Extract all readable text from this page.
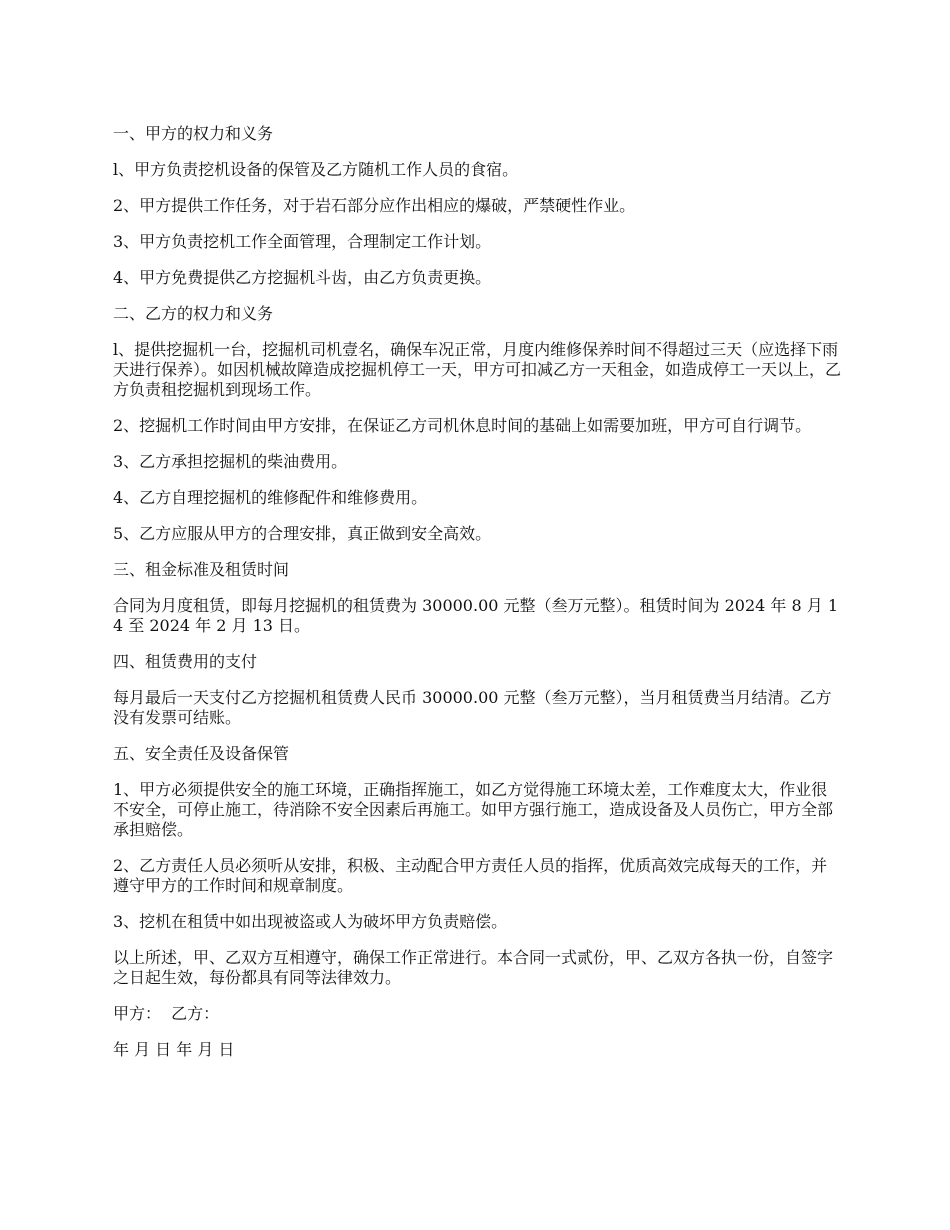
一、甲方的权力和义务

l、甲方负责挖机设备的保管及乙方随机工作人员的食宿。

2、甲方提供工作任务，对于岩石部分应作出相应的爆破，严禁硬性作业。

3、甲方负责挖机工作全面管理，合理制定工作计划。

4、甲方免费提供乙方挖掘机斗齿，由乙方负责更换。

二、乙方的权力和义务

l、提供挖掘机一台，挖掘机司机壹名，确保车况正常，月度内维修保养时间不得超过三天（应选择下雨天进行保养）。如因机械故障造成挖掘机停工一天，甲方可扣减乙方一天租金，如造成停工一天以上，乙方负责租挖掘机到现场工作。

2、挖掘机工作时间由甲方安排，在保证乙方司机休息时间的基础上如需要加班，甲方可自行调节。

3、乙方承担挖掘机的柴油费用。

4、乙方自理挖掘机的维修配件和维修费用。

5、乙方应服从甲方的合理安排，真正做到安全高效。

三、租金标准及租赁时间

合同为月度租赁，即每月挖掘机的租赁费为 30000.00 元整（叁万元整）。租赁时间为 2024 年 8 月 14 至 2024 年 2 月 13 日。

四、租赁费用的支付

每月最后一天支付乙方挖掘机租赁费人民币 30000.00 元整（叁万元整），当月租赁费当月结清。乙方没有发票可结账。

五、安全责任及设备保管

1、甲方必须提供安全的施工环境，正确指挥施工，如乙方觉得施工环境太差，工作难度太大，作业很不安全，可停止施工，待消除不安全因素后再施工。如甲方强行施工，造成设备及人员伤亡，甲方全部承担赔偿。

2、乙方责任人员必须听从安排，积极、主动配合甲方责任人员的指挥，优质高效完成每天的工作，并遵守甲方的工作时间和规章制度。

3、挖机在租赁中如出现被盗或人为破坏甲方负责赔偿。

以上所述，甲、乙双方互相遵守，确保工作正常进行。本合同一式贰份，甲、乙双方各执一份，自签字之日起生效，每份都具有同等法律效力。

甲方：  乙方：

年 月 日 年 月 日
